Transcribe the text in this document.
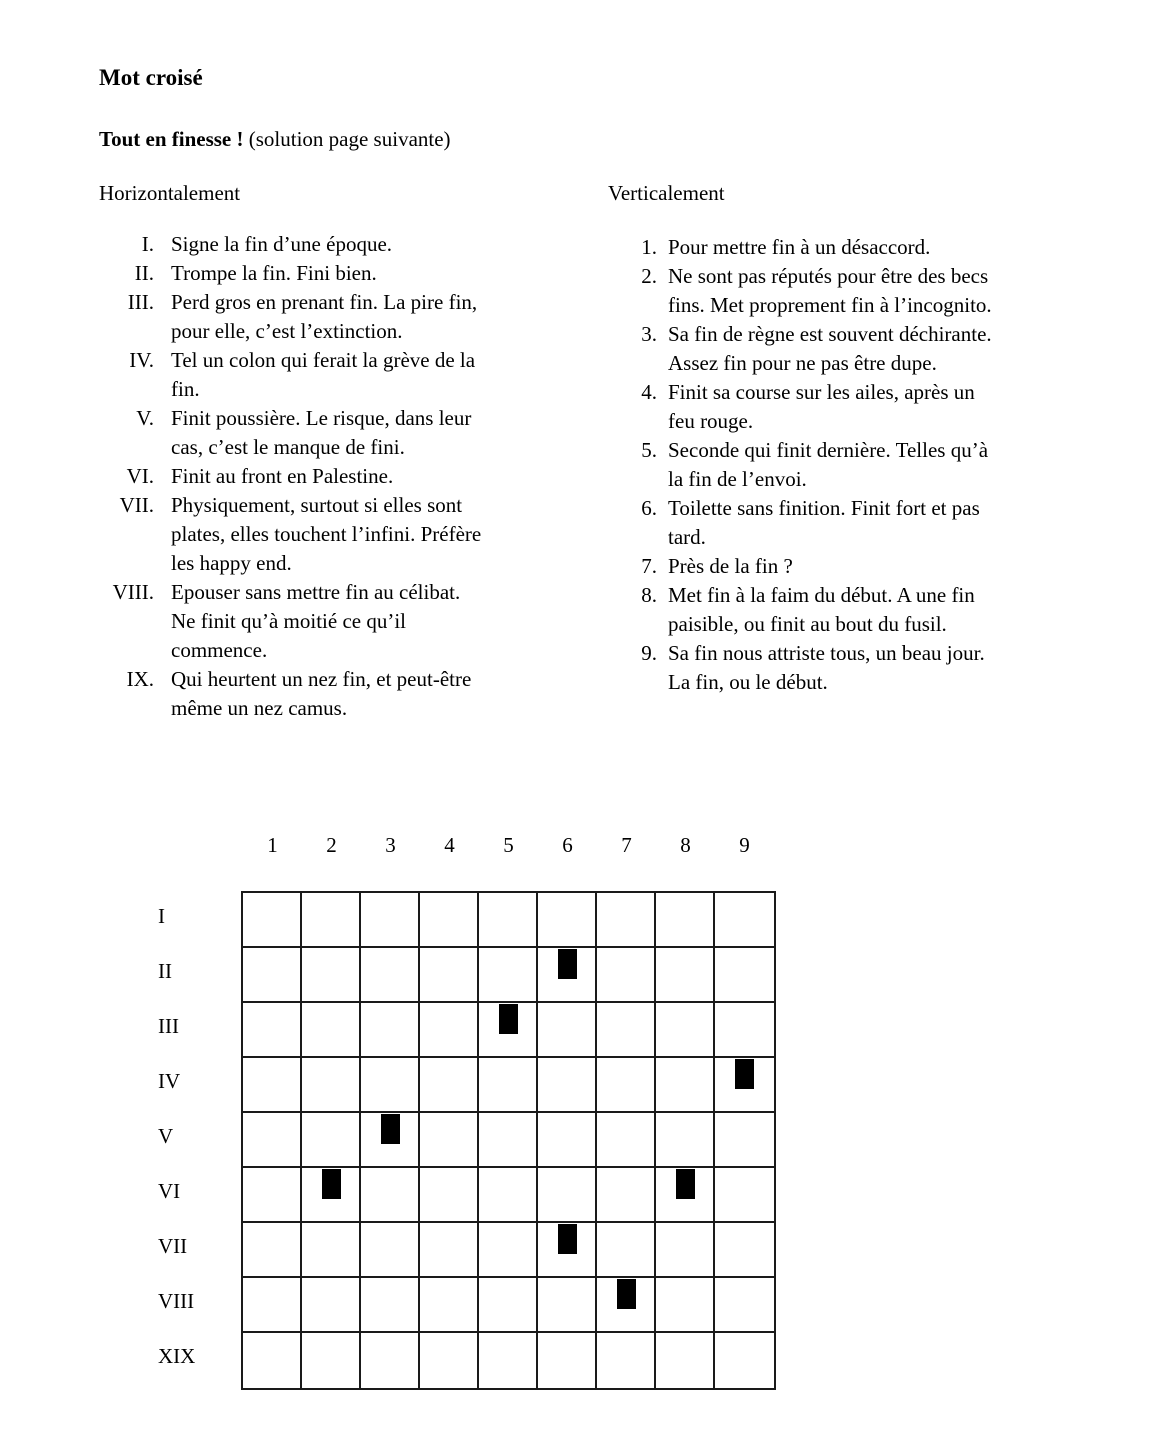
Mot croisé
Tout en finesse ! (solution page suivante)
Horizontalement	Verticalement
I. Signe la fin d’une époque.
II. Trompe la fin. Fini bien.
III. Perd gros en prenant fin. La pire fin,
pour elle, c’est l’extinction.
IV. Tel un colon qui ferait la grève de la
fin.
V. Finit poussière. Le risque, dans leur
cas, c’est le manque de fini.
VI. Finit au front en Palestine.
VII. Physiquement, surtout si elles sont
plates, elles touchent l’infini. Préfère
les happy end.
VIII. Epouser sans mettre fin au célibat.
Ne finit qu’à moitié ce qu’il
commence.
IX. Qui heurtent un nez fin, et peut-être
même un nez camus.
1. Pour mettre fin à un désaccord.
2. Ne sont pas réputés pour être des becs
fins. Met proprement fin à l’incognito.
3. Sa fin de règne est souvent déchirante.
Assez fin pour ne pas être dupe.
4. Finit sa course sur les ailes, après un
feu rouge.
5. Seconde qui finit dernière. Telles qu’à
la fin de l’envoi.
6. Toilette sans finition. Finit fort et pas
tard.
7. Près de la fin ?
8. Met fin à la faim du début. A une fin
paisible, ou finit au bout du fusil.
9. Sa fin nous attriste tous, un beau jour.
La fin, ou le début.
1 2 3 4 5 6 7 8 9
I
II
III
IV
V
VI
VII
VIII
XIX
